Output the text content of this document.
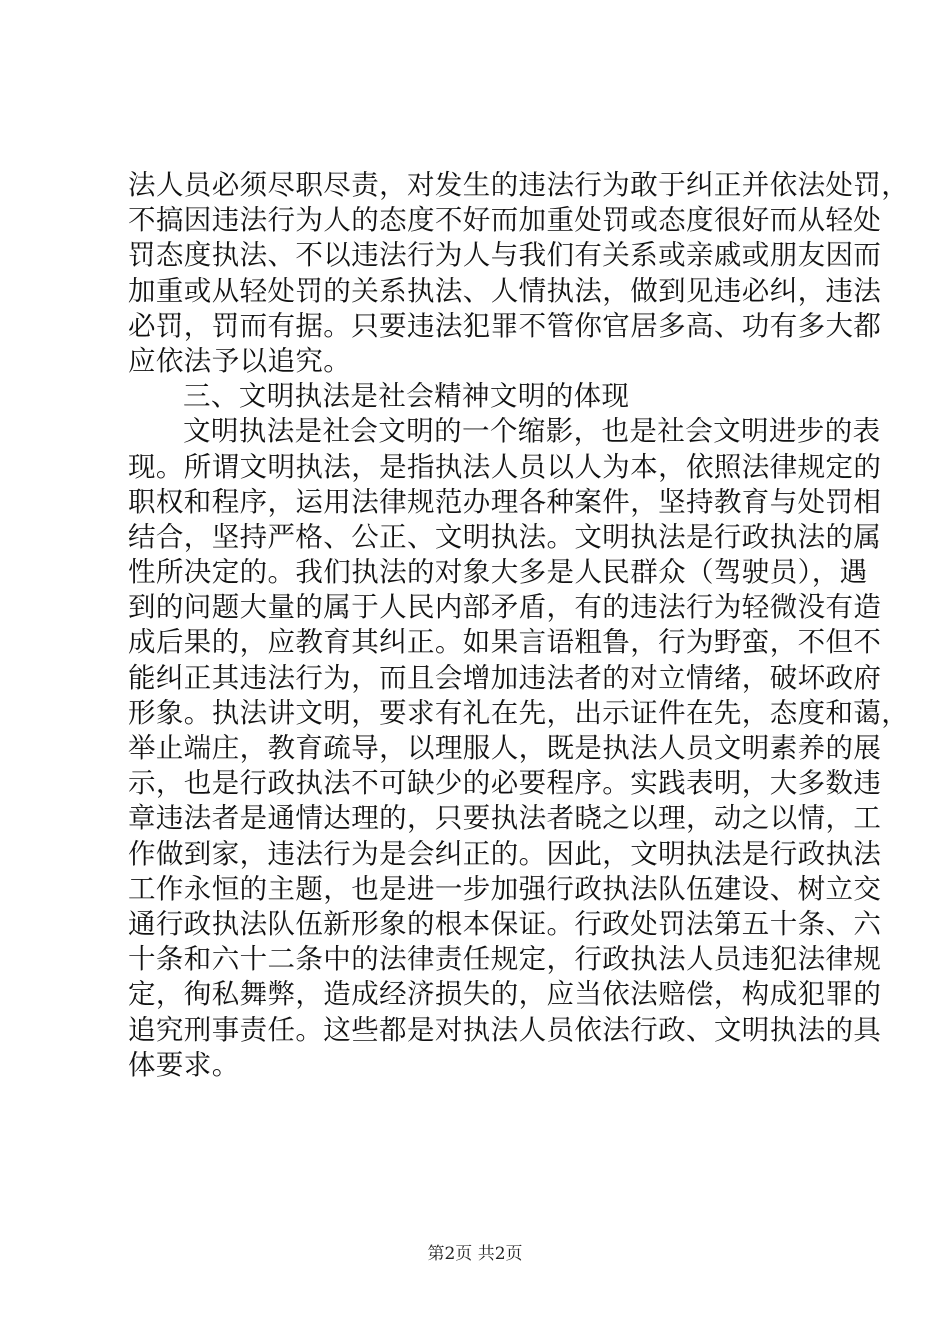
法人员必须尽职尽责，对发生的违法行为敢于纠正并依法处罚，
不搞因违法行为人的态度不好而加重处罚或态度很好而从轻处
罚态度执法、不以违法行为人与我们有关系或亲戚或朋友因而
加重或从轻处罚的关系执法、人情执法，做到见违必纠，违法
必罚，罚而有据。只要违法犯罪不管你官居多高、功有多大都
应依法予以追究。
三、文明执法是社会精神文明的体现
文明执法是社会文明的一个缩影，也是社会文明进步的表
现。所谓文明执法，是指执法人员以人为本，依照法律规定的
职权和程序，运用法律规范办理各种案件，坚持教育与处罚相
结合，坚持严格、公正、文明执法。文明执法是行政执法的属
性所决定的。我们执法的对象大多是人民群众（驾驶员），遇
到的问题大量的属于人民内部矛盾，有的违法行为轻微没有造
成后果的，应教育其纠正。如果言语粗鲁，行为野蛮，不但不
能纠正其违法行为，而且会增加违法者的对立情绪，破坏政府
形象。执法讲文明，要求有礼在先，出示证件在先，态度和蔼，
举止端庄，教育疏导，以理服人，既是执法人员文明素养的展
示，也是行政执法不可缺少的必要程序。实践表明，大多数违
章违法者是通情达理的，只要执法者晓之以理，动之以情，工
作做到家，违法行为是会纠正的。因此，文明执法是行政执法
工作永恒的主题，也是进一步加强行政执法队伍建设、树立交
通行政执法队伍新形象的根本保证。行政处罚法第五十条、六
十条和六十二条中的法律责任规定，行政执法人员违犯法律规
定，徇私舞弊，造成经济损失的，应当依法赔偿，构成犯罪的
追究刑事责任。这些都是对执法人员依法行政、文明执法的具
体要求。
第2页 共2页
